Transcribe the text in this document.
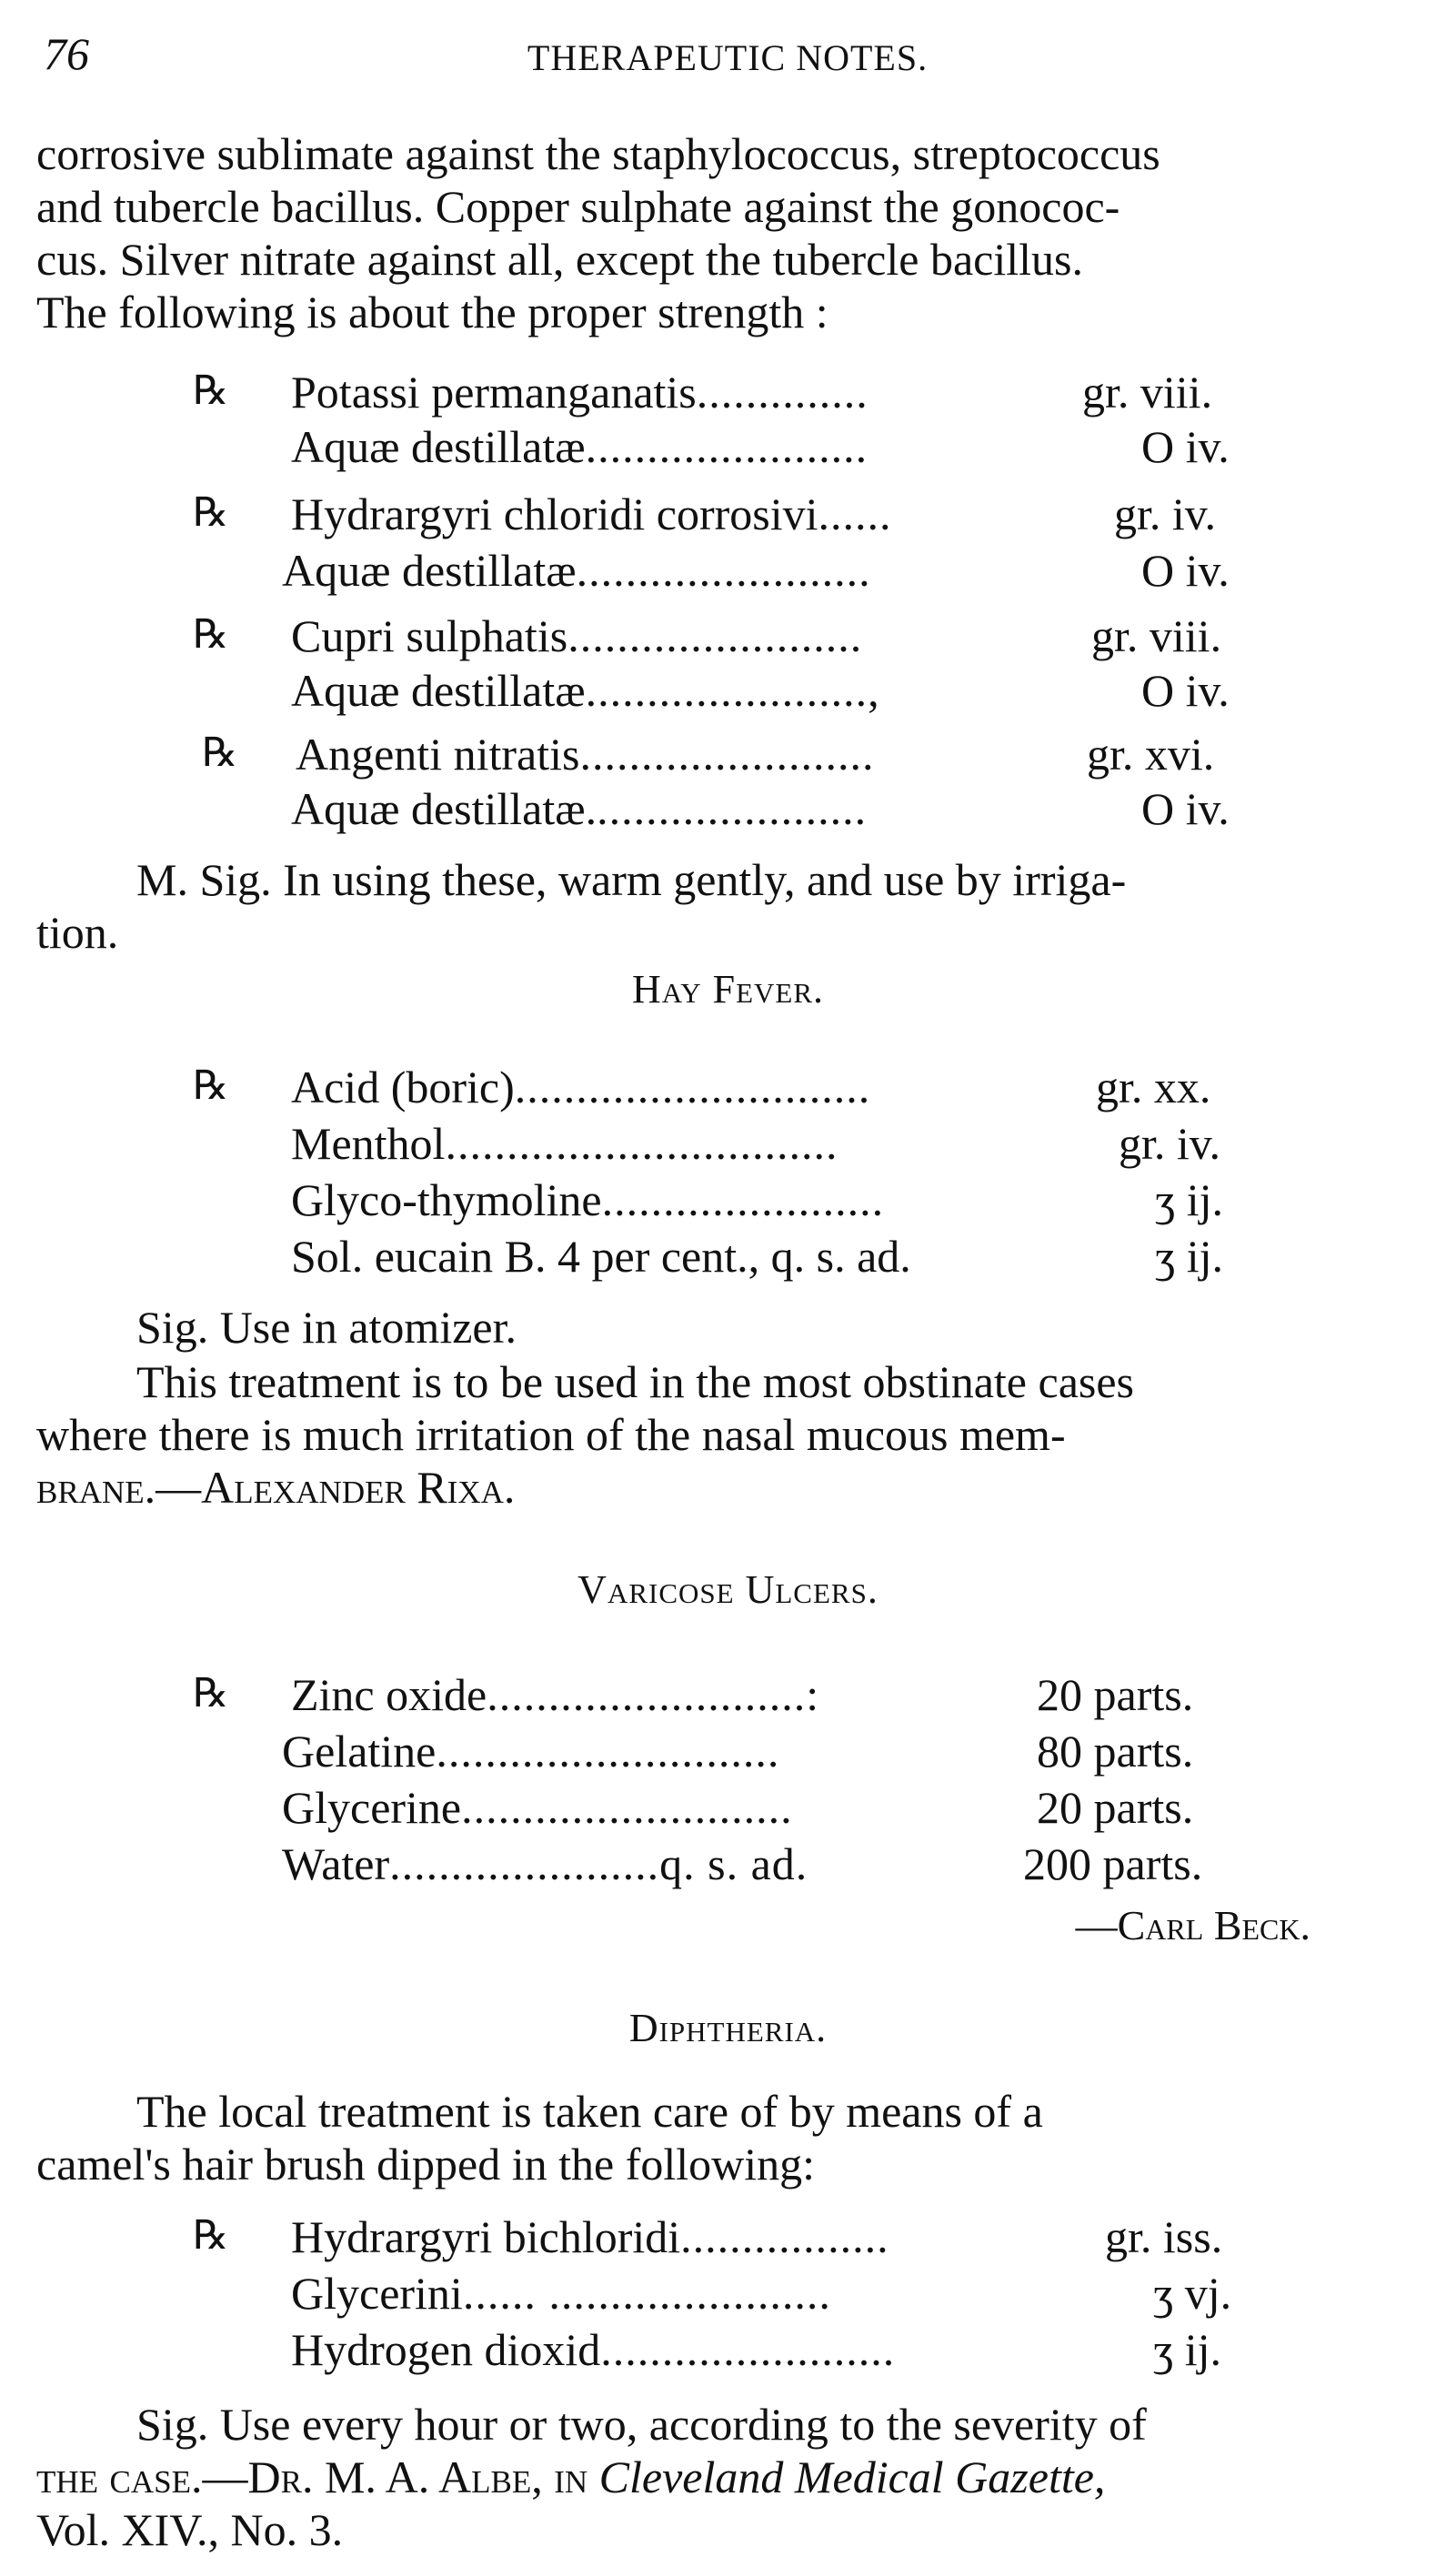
76	THERAPEUTIC NOTES.
corrosive sublimate against the staphylococcus, streptococcus
and tubercle bacillus. Copper sulphate against the gonococ-
cus. Silver nitrate against all, except the tubercle bacillus.
The following is about the proper strength :
℞ Potassi permanganatis..............	gr. viii.
Aquæ destillatæ.......................	O iv.
℞ Hydrargyri chloridi corrosivi......	gr. iv.
Aquæ destillatæ........................	O iv.
℞ Cupri sulphatis........................	gr. viii.
Aquæ destillatæ.......................,	O iv.
℞ Angenti nitratis........................	gr. xvi.
Aquæ destillatæ.......................	O iv.
M. Sig. In using these, warm gently, and use by irriga-
tion.
Hay Fever.
℞ Acid (boric).............................	gr. xx.
Menthol................................	gr. iv.
Glyco-thymoline.......................	ʒ ij.
Sol. eucain B. 4 per cent., q. s. ad.	ʒ ij.
Sig. Use in atomizer.
This treatment is to be used in the most obstinate cases
where there is much irritation of the nasal mucous mem-
brane.—Alexander Rixa.
Varicose Ulcers.
℞ Zinc oxide..........................:	20 parts.
Gelatine............................	80 parts.
Glycerine...........................	20 parts.
Water......................q. s. ad.	200 parts.
—Carl Beck.
Diphtheria.
The local treatment is taken care of by means of a
camel's hair brush dipped in the following:
℞ Hydrargyri bichloridi.................	gr. iss.
Glycerini...... .......................	ʒ vj.
Hydrogen dioxid........................	ʒ ij.
Sig. Use every hour or two, according to the severity of
the case.—Dr. M. A. Albe, in Cleveland Medical Gazette,
Vol. XIV., No. 3.
